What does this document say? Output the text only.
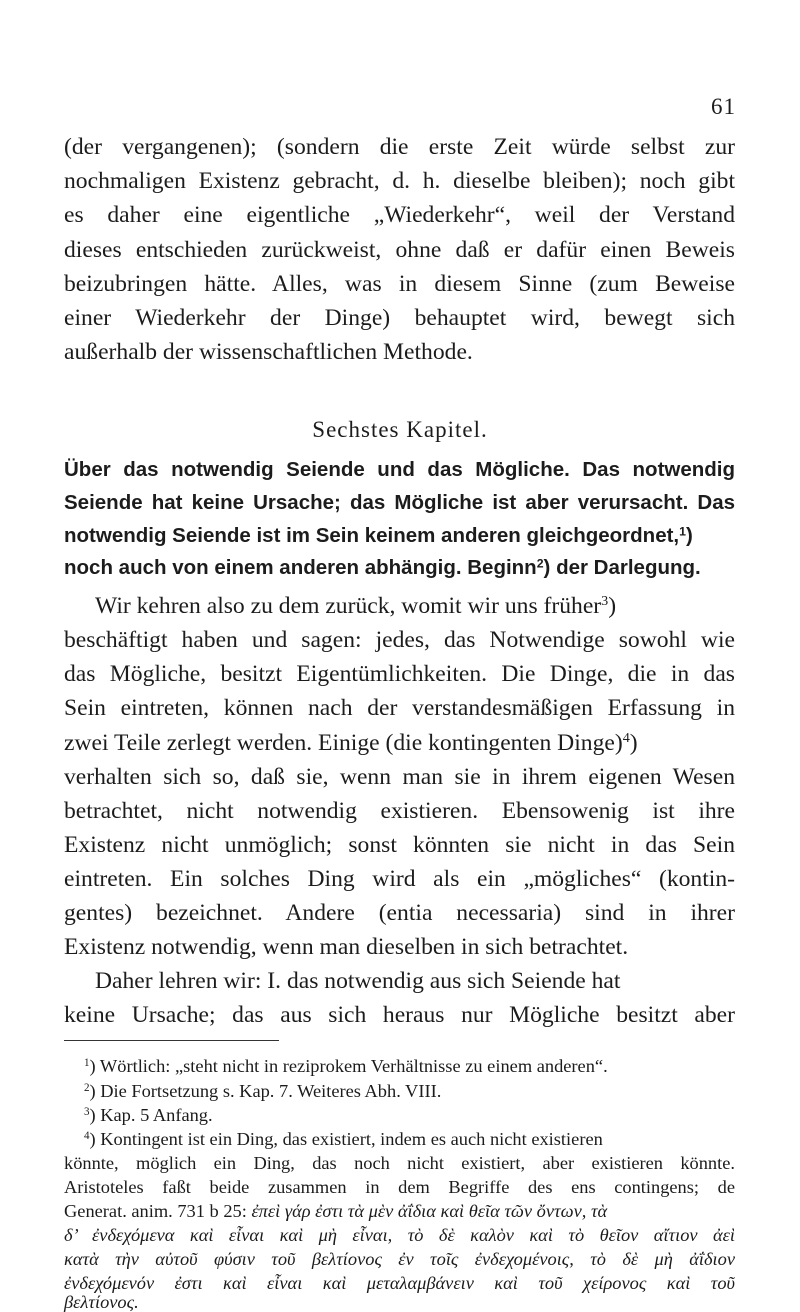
61
(der vergangenen); (sondern die erste Zeit würde selbst zur
nochmaligen Existenz gebracht, d. h. dieselbe bleiben); noch gibt
es daher eine eigentliche „Wiederkehr“, weil der Verstand
dieses entschieden zurückweist, ohne daß er dafür einen Beweis
beizubringen hätte. Alles, was in diesem Sinne (zum Beweise
einer Wiederkehr der Dinge) behauptet wird, bewegt sich
außerhalb der wissenschaftlichen Methode.
Sechstes Kapitel.
Über das notwendig Seiende und das Mögliche. Das notwendig
Seiende hat keine Ursache; das Mögliche ist aber verursacht. Das
notwendig Seiende ist im Sein keinem anderen gleichgeordnet,$^1$)
noch auch von einem anderen abhängig. Beginn$^2$) der Darlegung.
Wir kehren also zu dem zurück, womit wir uns früher$^3$)
beschäftigt haben und sagen: jedes, das Notwendige sowohl wie
das Mögliche, besitzt Eigentümlichkeiten. Die Dinge, die in das
Sein eintreten, können nach der verstandesmäßigen Erfassung in
zwei Teile zerlegt werden. Einige (die kontingenten Dinge)$^4$)
verhalten sich so, daß sie, wenn man sie in ihrem eigenen Wesen
betrachtet, nicht notwendig existieren. Ebensowenig ist ihre
Existenz nicht unmöglich; sonst könnten sie nicht in das Sein
eintreten. Ein solches Ding wird als ein „mögliches“ (kontin-
gentes) bezeichnet. Andere (entia necessaria) sind in ihrer
Existenz notwendig, wenn man dieselben in sich betrachtet.
Daher lehren wir: I. das notwendig aus sich Seiende hat
keine Ursache; das aus sich heraus nur Mögliche besitzt aber
$^1$) Wörtlich: „steht nicht in reziprokem Verhältnisse zu einem anderen“.
$^2$) Die Fortsetzung s. Kap. 7. Weiteres Abh. VIII.
$^3$) Kap. 5 Anfang.
$^4$) Kontingent ist ein Ding, das existiert, indem es auch nicht existieren
könnte, möglich ein Ding, das noch nicht existiert, aber existieren könnte.
Aristoteles faßt beide zusammen in dem Begriffe des ens contingens; de
Generat. anim. 731 b 25: ἐπεὶ γάρ ἐστι τὰ μὲν ἀΐδια καὶ θεῖα τῶν ὄντων, τὰ
δ’ ἐνδεχόμενα καὶ εἶναι καὶ μὴ εἶναι, τὸ δὲ καλὸν καὶ τὸ θεῖον αἴτιον ἀεὶ
κατὰ τὴν αὐτοῦ φύσιν τοῦ βελτίονος ἐν τοῖς ἐνδεχομένοις, τὸ δὲ μὴ ἀΐδιον
ἐνδεχόμενόν ἐστι καὶ εἶναι καὶ μεταλαμβάνειν καὶ τοῦ χείρονος καὶ τοῦ
βελτίονος.
